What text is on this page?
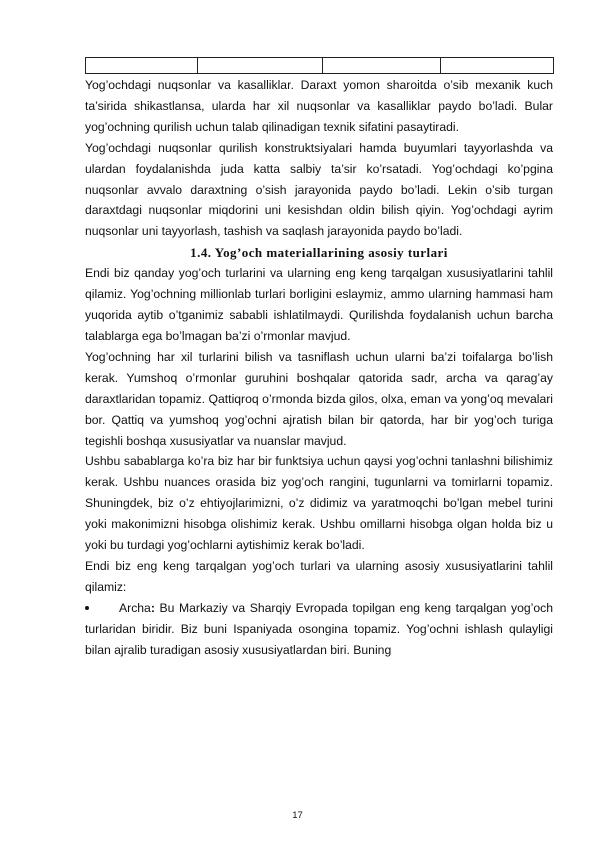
Yog’ochdagi nuqsonlar va kasalliklar. Daraxt yomon sharoitda o’sib mexanik kuch ta’sirida shikastlansa, ularda har xil nuqsonlar va kasalliklar paydo bo’ladi. Bular yog’ochning qurilish uchun talab qilinadigan texnik sifatini pasaytiradi.

Yog’ochdagi nuqsonlar qurilish konstruktsiyalari hamda buyumlari tayyorlashda va ulardan foydalanishda juda katta salbiy ta’sir ko’rsatadi. Yog’ochdagi ko’pgina nuqsonlar avvalo daraxtning o’sish jarayonida paydo bo’ladi. Lekin o’sib turgan daraxtdagi nuqsonlar miqdorini uni kesishdan oldin bilish qiyin. Yog’ochdagi ayrim nuqsonlar uni tayyorlash, tashish va saqlash jarayonida paydo bo’ladi.

1.4. Yog’och materiallarining asosiy turlari

Endi biz qanday yog’och turlarini va ularning eng keng tarqalgan xususiyatlarini tahlil qilamiz. Yog’ochning millionlab turlari borligini eslaymiz, ammo ularning hammasi ham yuqorida aytib o’tganimiz sababli ishlatilmaydi. Qurilishda foydalanish uchun barcha talablarga ega bo’lmagan ba’zi o’rmonlar mavjud.

Yog’ochning har xil turlarini bilish va tasniflash uchun ularni ba’zi toifalarga bo’lish kerak. Yumshoq o’rmonlar guruhini boshqalar qatorida sadr, archa va qarag’ay daraxtlaridan topamiz. Qattiqroq o’rmonda bizda gilos, olxa, eman va yong’oq mevalari bor. Qattiq va yumshoq yog’ochni ajratish bilan bir qatorda, har bir yog’och turiga tegishli boshqa xususiyatlar va nuanslar mavjud.

Ushbu sabablarga ko’ra biz har bir funktsiya uchun qaysi yog’ochni tanlashni bilishimiz kerak. Ushbu nuances orasida biz yog’och rangini, tugunlarni va tomirlarni topamiz. Shuningdek, biz o’z ehtiyojlarimizni, o’z didimiz va yaratmoqchi bo’lgan mebel turini yoki makonimizni hisobga olishimiz kerak. Ushbu omillarni hisobga olgan holda biz u yoki bu turdagi yog’ochlarni aytishimiz kerak bo’ladi.

Endi biz eng keng tarqalgan yog’och turlari va ularning asosiy xususiyatlarini tahlil qilamiz:

Archa: Bu Markaziy va Sharqiy Evropada topilgan eng keng tarqalgan yog’och turlaridan biridir. Biz buni Ispaniyada osongina topamiz. Yog’ochni ishlash qulayligi bilan ajralib turadigan asosiy xususiyatlardan biri. Buning

17
